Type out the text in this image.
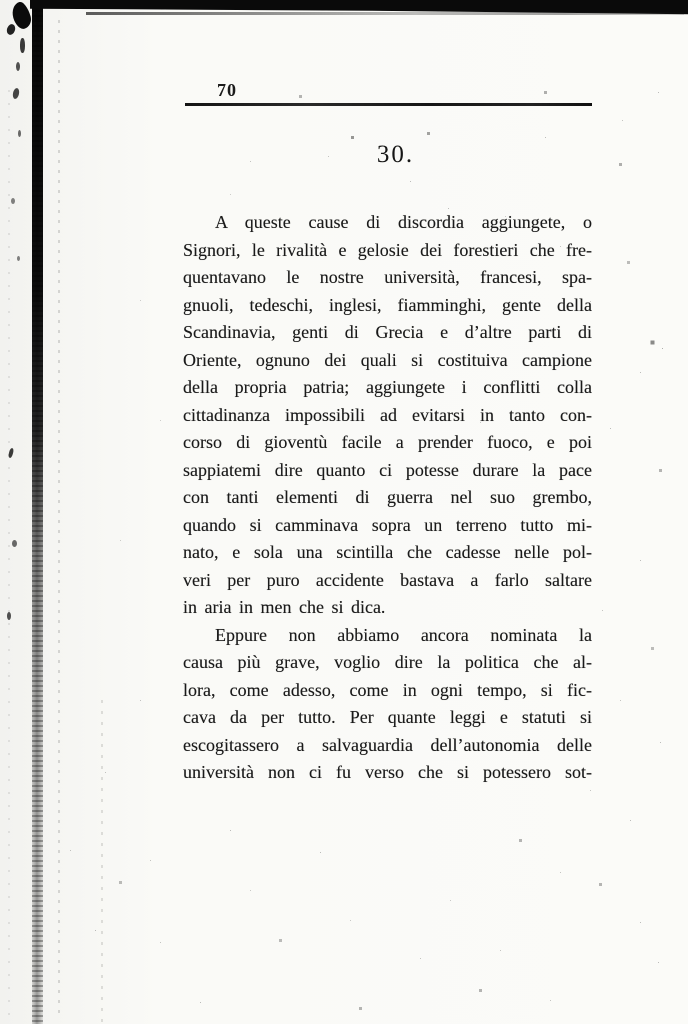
70
30.
A queste cause di discordia aggiungete, o
Signori, le rivalità e gelosie dei forestieri che fre-
quentavano le nostre università, francesi, spa-
gnuoli, tedeschi, inglesi, fiamminghi, gente della
Scandinavia, genti di Grecia e d’altre parti di
Oriente, ognuno dei quali si costituiva campione
della propria patria; aggiungete i conflitti colla
cittadinanza impossibili ad evitarsi in tanto con-
corso di gioventù facile a prender fuoco, e poi
sappiatemi dire quanto ci potesse durare la pace
con tanti elementi di guerra nel suo grembo,
quando si camminava sopra un terreno tutto mi-
nato, e sola una scintilla che cadesse nelle pol-
veri per puro accidente bastava a farlo saltare
in aria in men che si dica.
Eppure non abbiamo ancora nominata la
causa più grave, voglio dire la politica che al-
lora, come adesso, come in ogni tempo, si fic-
cava da per tutto. Per quante leggi e statuti si
escogitassero a salvaguardia dell’autonomia delle
università non ci fu verso che si potessero sot-
